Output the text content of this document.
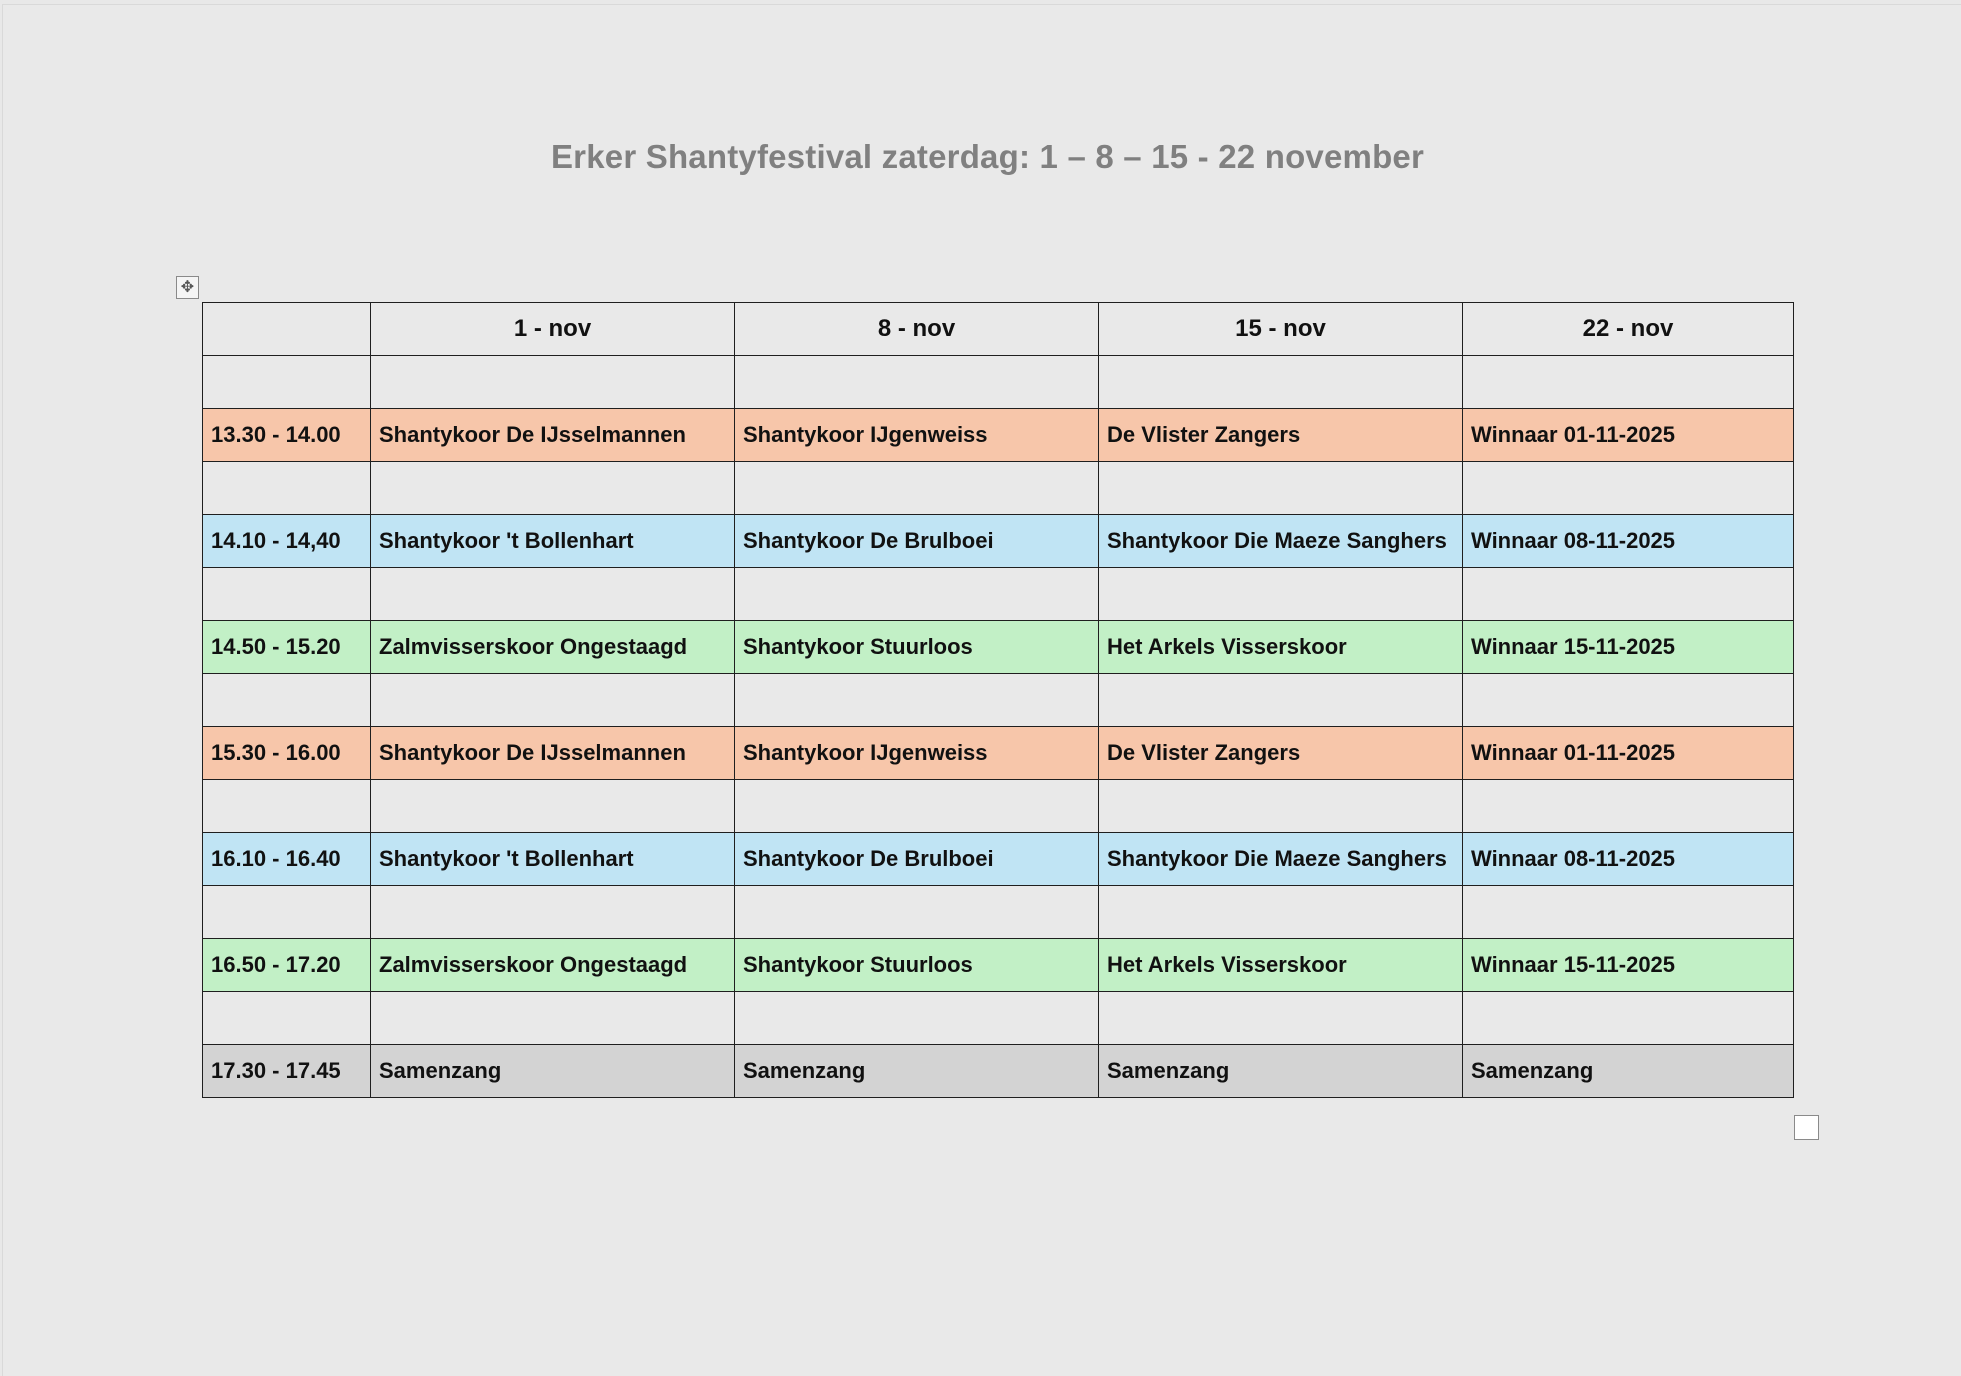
Erker Shantyfestival zaterdag: 1 – 8 – 15 - 22 november
✥
	1 - nov	8 - nov	15 - nov	22 - nov

13.30 - 14.00	Shantykoor De IJsselmannen	Shantykoor IJgenweiss	De Vlister Zangers	Winnaar 01-11-2025

14.10 - 14,40	Shantykoor 't Bollenhart	Shantykoor De Brulboei	Shantykoor Die Maeze Sanghers	Winnaar 08-11-2025

14.50 - 15.20	Zalmvisserskoor Ongestaagd	Shantykoor Stuurloos	Het Arkels Visserskoor	Winnaar 15-11-2025

15.30 - 16.00	Shantykoor De IJsselmannen	Shantykoor IJgenweiss	De Vlister Zangers	Winnaar 01-11-2025

16.10 - 16.40	Shantykoor 't Bollenhart	Shantykoor De Brulboei	Shantykoor Die Maeze Sanghers	Winnaar 08-11-2025

16.50 - 17.20	Zalmvisserskoor Ongestaagd	Shantykoor Stuurloos	Het Arkels Visserskoor	Winnaar 15-11-2025

17.30 - 17.45	Samenzang	Samenzang	Samenzang	Samenzang
